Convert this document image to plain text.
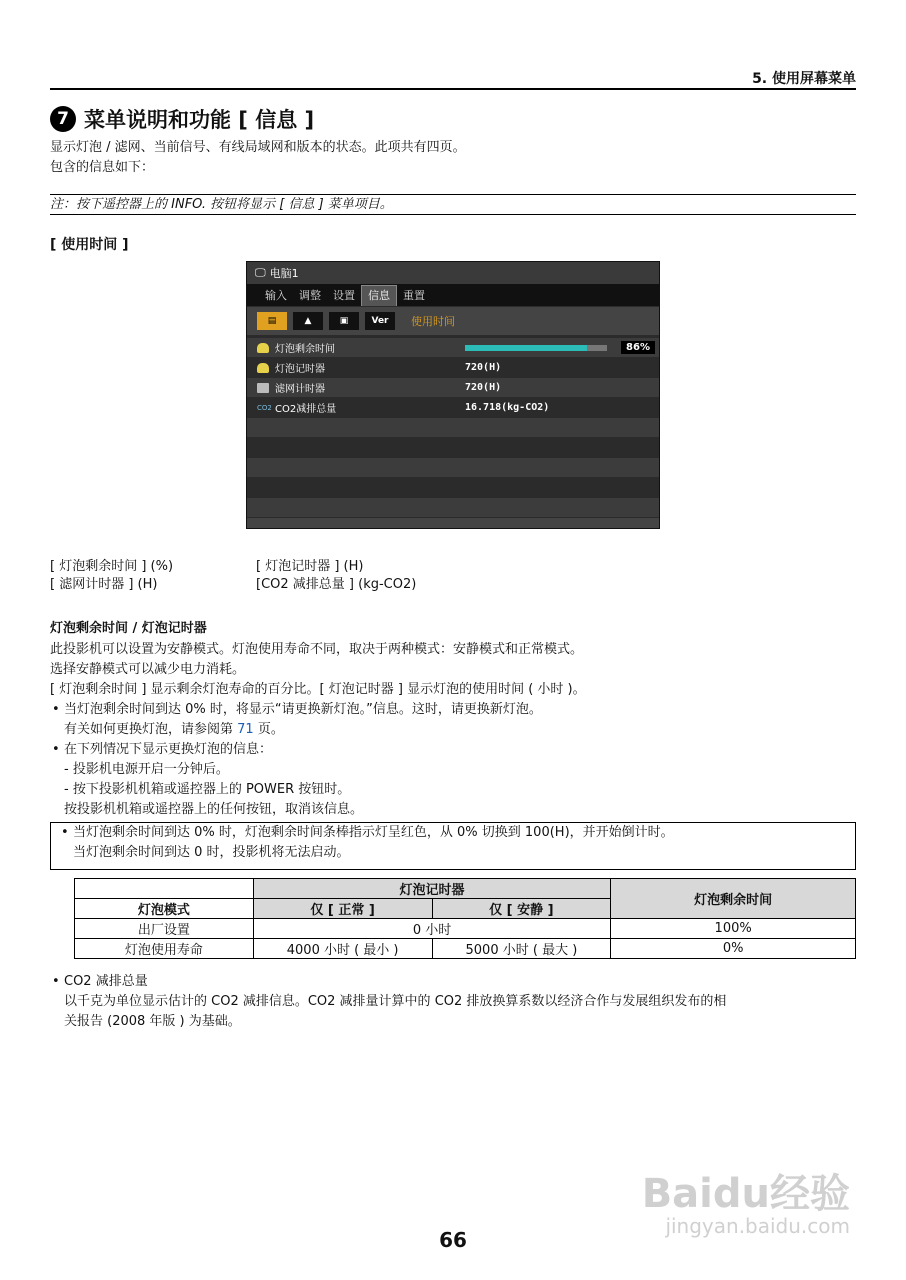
5. 使用屏幕菜单
7 菜单说明和功能 [ 信息 ]
显示灯泡 / 滤网、当前信号、有线局域网和版本的状态。此项共有四页。
包含的信息如下：
注：按下遥控器上的 INFO. 按钮将显示 [ 信息 ] 菜单项目。
[ 使用时间 ]
🖵 电脑1
输入	调整	设置	信息	重置
▤	▲	▣	Ver	使用时间
灯泡剩余时间	86%
灯泡记时器	720(H)
滤网计时器	720(H)
CO2 CO2减排总量	16.718(kg-CO2)
[ 灯泡剩余时间 ] (%)	[ 灯泡记时器 ] (H)
[ 滤网计时器 ] (H)	[CO2 减排总量 ] (kg-CO2)
灯泡剩余时间 / 灯泡记时器
此投影机可以设置为安静模式。灯泡使用寿命不同，取决于两种模式：安静模式和正常模式。
选择安静模式可以减少电力消耗。
[ 灯泡剩余时间 ] 显示剩余灯泡寿命的百分比。[ 灯泡记时器 ] 显示灯泡的使用时间 ( 小时 )。
• 当灯泡剩余时间到达 0% 时，将显示“请更换新灯泡。”信息。这时，请更换新灯泡。
有关如何更换灯泡，请参阅第 71 页。
• 在下列情况下显示更换灯泡的信息：
- 投影机电源开启一分钟后。
- 按下投影机机箱或遥控器上的 POWER 按钮时。
按投影机机箱或遥控器上的任何按钮，取消该信息。
• 当灯泡剩余时间到达 0% 时，灯泡剩余时间条棒指示灯呈红色，从 0% 切换到 100(H)，并开始倒计时。
当灯泡剩余时间到达 0 时，投影机将无法启动。
	灯泡记时器		灯泡剩余时间
灯泡模式	仅 [ 正常 ]	仅 [ 安静 ]	
出厂设置	0 小时		100%
灯泡使用寿命	4000 小时 ( 最小 )	5000 小时 ( 最大 )	0%
• CO2 减排总量
以千克为单位显示估计的 CO2 减排信息。CO2 减排量计算中的 CO2 排放换算系数以经济合作与发展组织发布的相
关报告 (2008 年版 ) 为基础。
Baidu经验
jingyan.baidu.com
66
